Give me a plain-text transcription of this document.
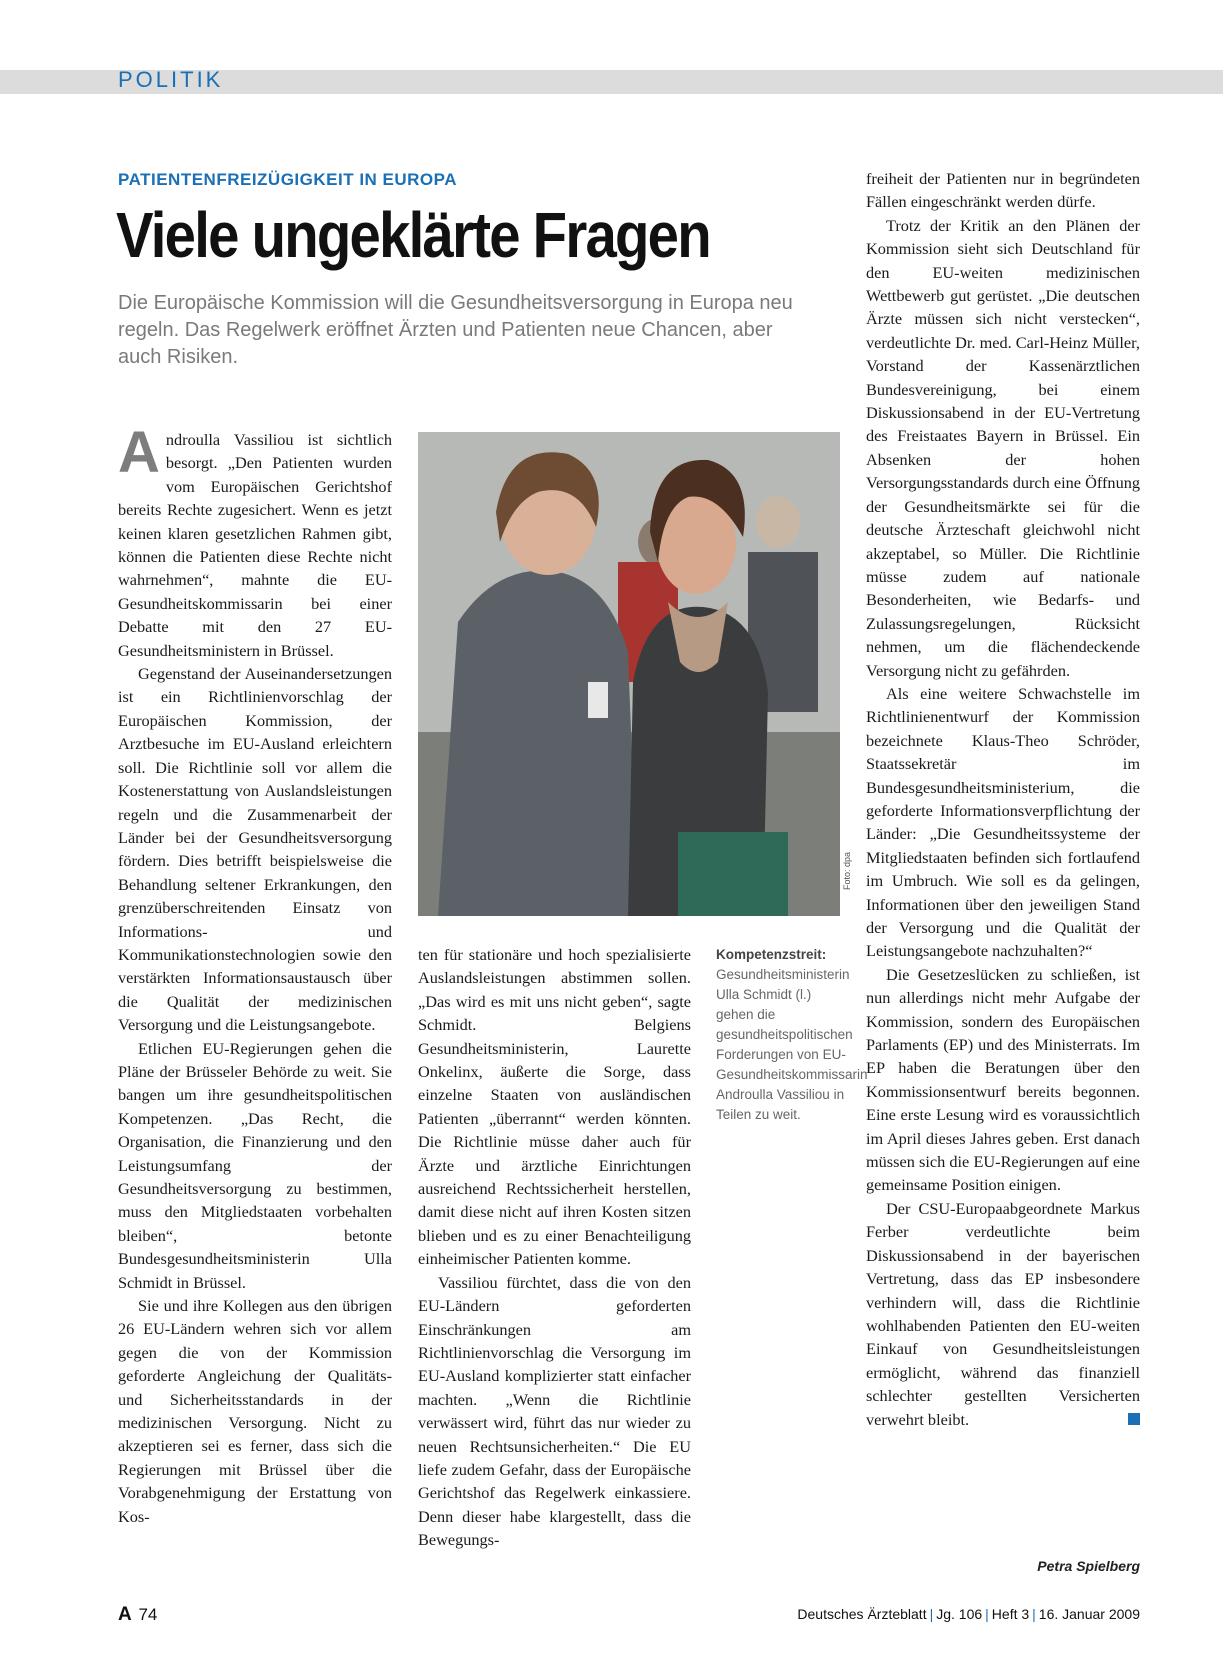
POLITIK
PATIENTENFREIZÜGIGKEIT IN EUROPA
Viele ungeklärte Fragen
Die Europäische Kommission will die Gesundheitsversorgung in Europa neu regeln. Das Regelwerk eröffnet Ärzten und Patienten neue Chancen, aber auch Risiken.

Androulla Vassiliou ist sichtlich besorgt. „Den Patienten wurden vom Europäischen Gerichtshof bereits Rechte zugesichert. Wenn es jetzt keinen klaren gesetzlichen Rahmen gibt, können die Patienten diese Rechte nicht wahrnehmen“, mahnte die EU-Gesundheitskommissarin bei einer Debatte mit den 27 EU-Gesundheitsministern in Brüssel.

Gegenstand der Auseinandersetzungen ist ein Richtlinienvorschlag der Europäischen Kommission, der Arztbesuche im EU-Ausland erleichtern soll. Die Richtlinie soll vor allem die Kostenerstattung von Auslandsleistungen regeln und die Zusammenarbeit der Länder bei der Gesundheitsversorgung fördern. Dies betrifft beispielsweise die Behandlung seltener Erkrankungen, den grenzüberschreitenden Einsatz von Informations- und Kommunikationstechnologien sowie den verstärkten Informationsaustausch über die Qualität der medizinischen Versorgung und die Leistungsangebote.

Etlichen EU-Regierungen gehen die Pläne der Brüsseler Behörde zu weit. Sie bangen um ihre gesundheitspolitischen Kompetenzen. „Das Recht, die Organisation, die Finanzierung und den Leistungsumfang der Gesundheitsversorgung zu bestimmen, muss den Mitgliedstaaten vorbehalten bleiben“, betonte Bundesgesundheitsministerin Ulla Schmidt in Brüssel.

Sie und ihre Kollegen aus den übrigen 26 EU-Ländern wehren sich vor allem gegen die von der Kommission geforderte Angleichung der Qualitäts- und Sicherheitsstandards in der medizinischen Versorgung. Nicht zu akzeptieren sei es ferner, dass sich die Regierungen mit Brüssel über die Vorabgenehmigung der Erstattung von Kos-

Foto: dpa
Kompetenzstreit:
Gesundheitsministerin Ulla Schmidt (l.) gehen die gesundheitspolitischen Forderungen von EU-Gesundheitskommissarin Androulla Vassiliou in Teilen zu weit.

ten für stationäre und hoch spezialisierte Auslandsleistungen abstimmen sollen. „Das wird es mit uns nicht geben“, sagte Schmidt. Belgiens Gesundheitsministerin, Laurette Onkelinx, äußerte die Sorge, dass einzelne Staaten von ausländischen Patienten „überrannt“ werden könnten. Die Richtlinie müsse daher auch für Ärzte und ärztliche Einrichtungen ausreichend Rechtssicherheit herstellen, damit diese nicht auf ihren Kosten sitzen blieben und es zu einer Benachteiligung einheimischer Patienten komme.

Vassiliou fürchtet, dass die von den EU-Ländern geforderten Einschränkungen am Richtlinienvorschlag die Versorgung im EU-Ausland komplizierter statt einfacher machten. „Wenn die Richtlinie verwässert wird, führt das nur wieder zu neuen Rechtsunsicherheiten.“ Die EU liefe zudem Gefahr, dass der Europäische Gerichtshof das Regelwerk einkassiere. Denn dieser habe klargestellt, dass die Bewegungs-

freiheit der Patienten nur in begründeten Fällen eingeschränkt werden dürfe.

Trotz der Kritik an den Plänen der Kommission sieht sich Deutschland für den EU-weiten medizinischen Wettbewerb gut gerüstet. „Die deutschen Ärzte müssen sich nicht verstecken“, verdeutlichte Dr. med. Carl-Heinz Müller, Vorstand der Kassenärztlichen Bundesvereinigung, bei einem Diskussionsabend in der EU-Vertretung des Freistaates Bayern in Brüssel. Ein Absenken der hohen Versorgungsstandards durch eine Öffnung der Gesundheitsmärkte sei für die deutsche Ärzteschaft gleichwohl nicht akzeptabel, so Müller. Die Richtlinie müsse zudem auf nationale Besonderheiten, wie Bedarfs- und Zulassungsregelungen, Rücksicht nehmen, um die flächendeckende Versorgung nicht zu gefährden.

Als eine weitere Schwachstelle im Richtlinienentwurf der Kommission bezeichnete Klaus-Theo Schröder, Staatssekretär im Bundesgesundheitsministerium, die geforderte Informationsverpflichtung der Länder: „Die Gesundheitssysteme der Mitgliedstaaten befinden sich fortlaufend im Umbruch. Wie soll es da gelingen, Informationen über den jeweiligen Stand der Versorgung und die Qualität der Leistungsangebote nachzuhalten?“

Die Gesetzeslücken zu schließen, ist nun allerdings nicht mehr Aufgabe der Kommission, sondern des Europäischen Parlaments (EP) und des Ministerrats. Im EP haben die Beratungen über den Kommissionsentwurf bereits begonnen. Eine erste Lesung wird es voraussichtlich im April dieses Jahres geben. Erst danach müssen sich die EU-Regierungen auf eine gemeinsame Position einigen.

Der CSU-Europaabgeordnete Markus Ferber verdeutlichte beim Diskussionsabend in der bayerischen Vertretung, dass das EP insbesondere verhindern will, dass die Richtlinie wohlhabenden Patienten den EU-weiten Einkauf von Gesundheitsleistungen ermöglicht, während das finanziell schlechter gestellten Versicherten verwehrt bleibt.

Petra Spielberg
A 74	Deutsches Ärzteblatt | Jg. 106 | Heft 3 | 16. Januar 2009
